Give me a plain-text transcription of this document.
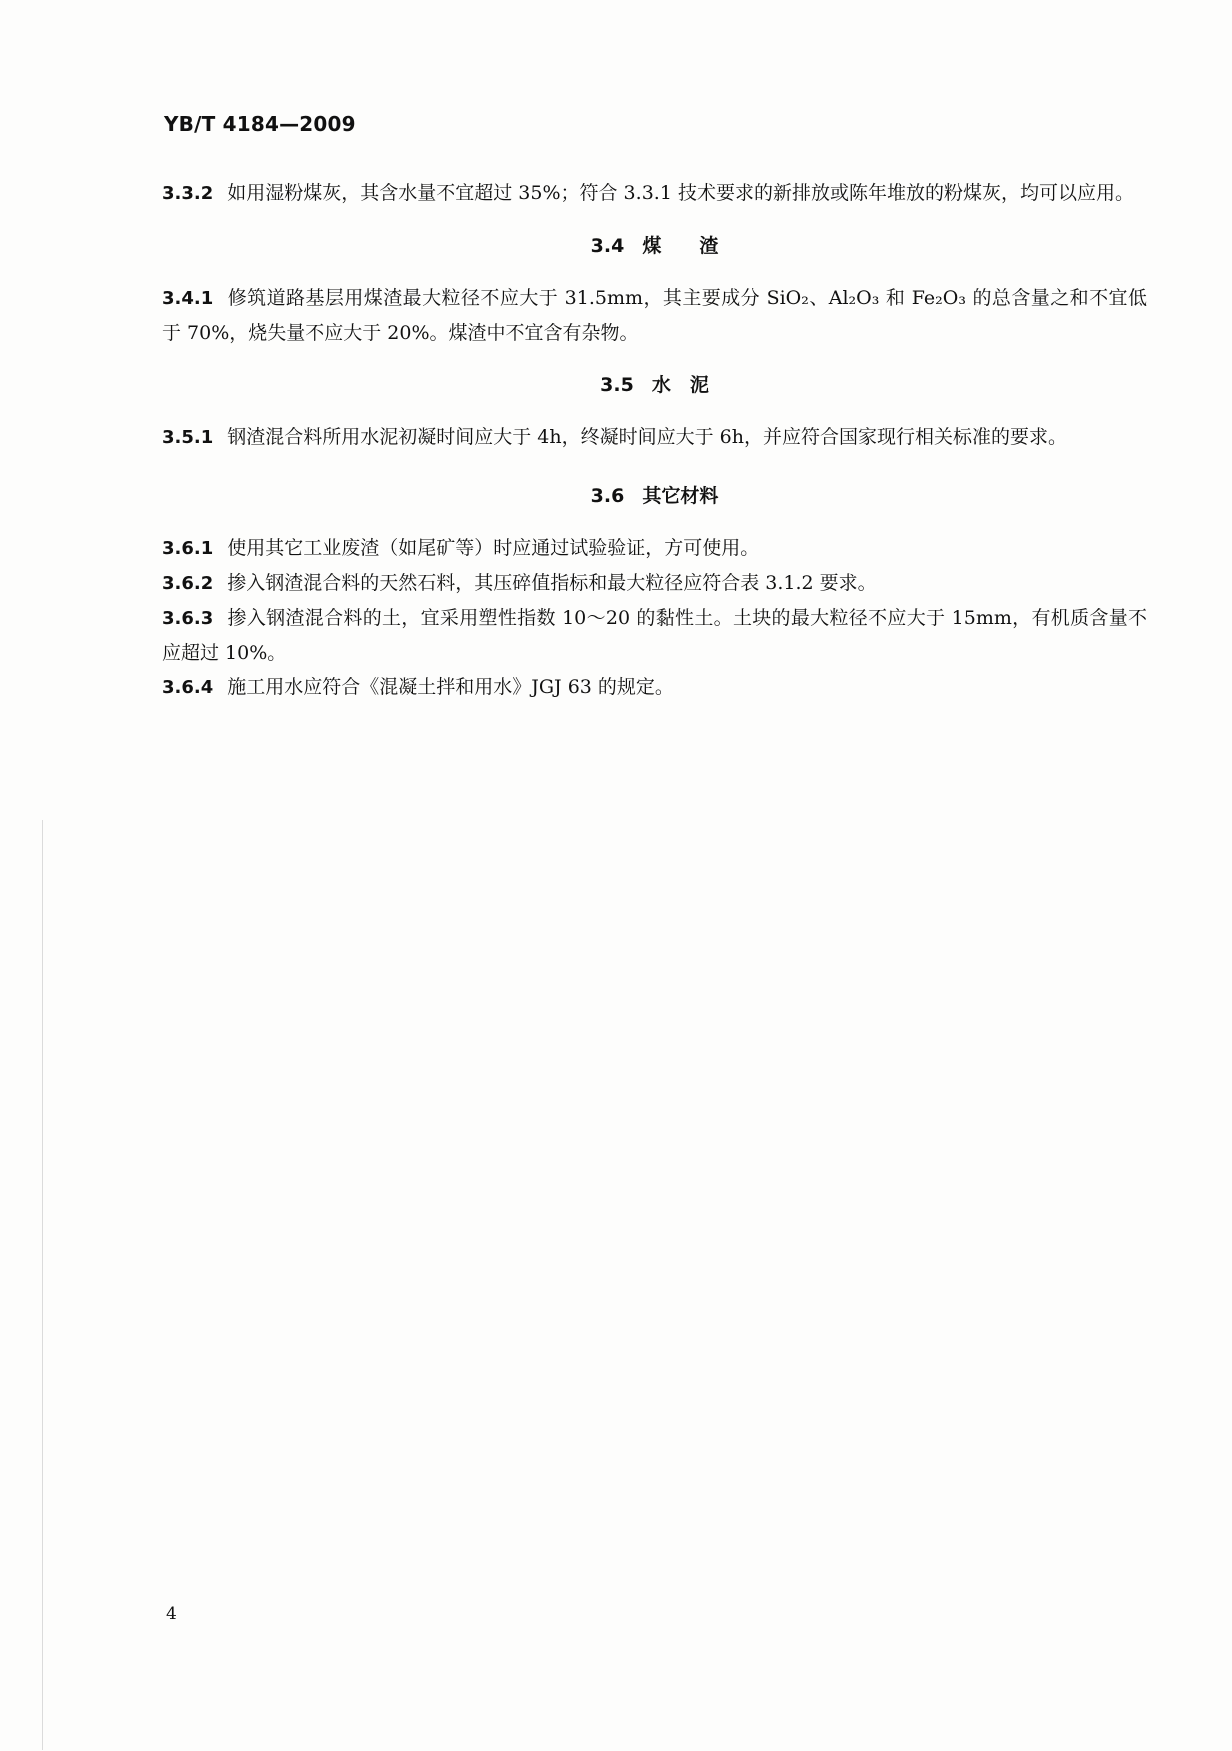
YB/T 4184—2009

3.3.2 如用湿粉煤灰，其含水量不宜超过 35%；符合 3.3.1 技术要求的新排放或陈年堆放的粉煤灰，均可以应用。

3.4 煤　　渣

3.4.1 修筑道路基层用煤渣最大粒径不应大于 31.5mm，其主要成分 SiO₂、Al₂O₃ 和 Fe₂O₃ 的总含量之和不宜低于 70%，烧失量不应大于 20%。煤渣中不宜含有杂物。

3.5 水　泥

3.5.1 钢渣混合料所用水泥初凝时间应大于 4h，终凝时间应大于 6h，并应符合国家现行相关标准的要求。

3.6 其它材料

3.6.1 使用其它工业废渣（如尾矿等）时应通过试验验证，方可使用。

3.6.2 掺入钢渣混合料的天然石料，其压碎值指标和最大粒径应符合表 3.1.2 要求。

3.6.3 掺入钢渣混合料的土，宜采用塑性指数 10～20 的黏性土。土块的最大粒径不应大于 15mm，有机质含量不应超过 10%。

3.6.4 施工用水应符合《混凝土拌和用水》JGJ 63 的规定。

4
